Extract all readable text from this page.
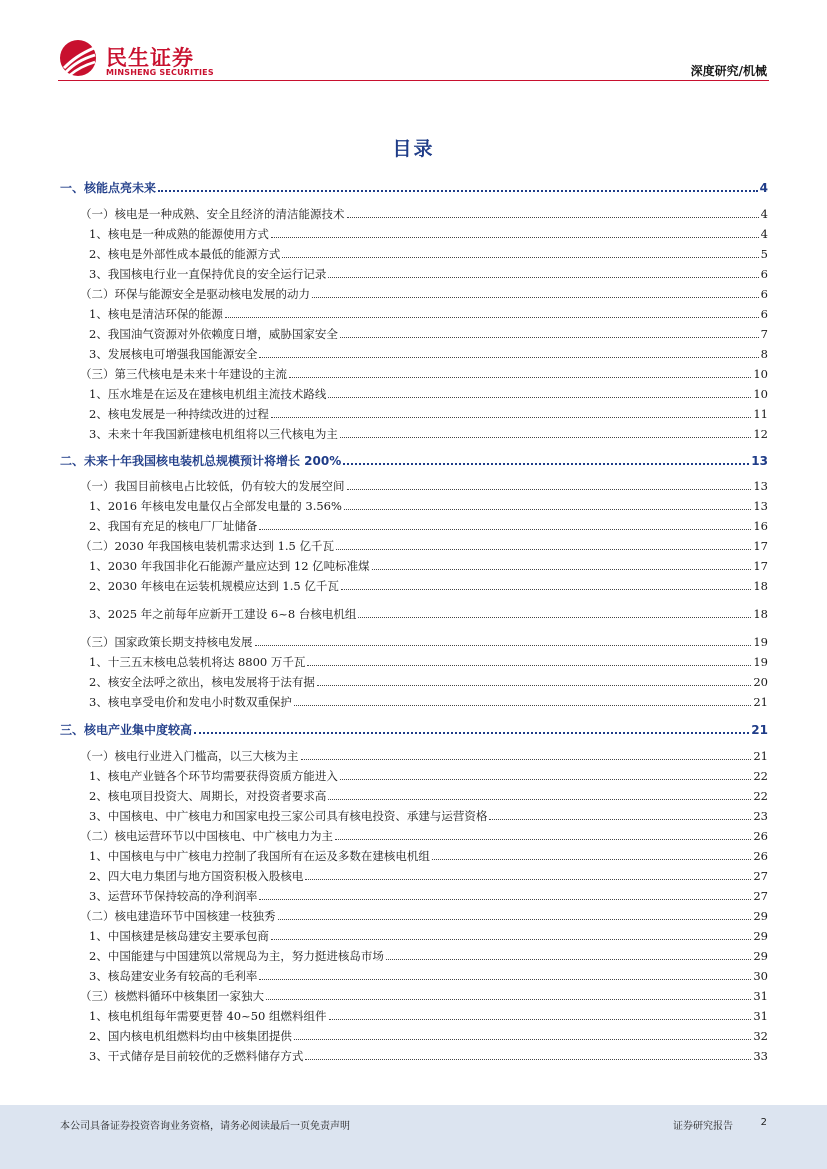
民生证券
MINSHENG SECURITIES	深度研究/机械
目录
一、核能点亮未来	4
（一）核电是一种成熟、安全且经济的清洁能源技术	4
1、核电是一种成熟的能源使用方式	4
2、核电是外部性成本最低的能源方式	5
3、我国核电行业一直保持优良的安全运行记录	6
（二）环保与能源安全是驱动核电发展的动力	6
1、核电是清洁环保的能源	6
2、我国油气资源对外依赖度日增，威胁国家安全	7
3、发展核电可增强我国能源安全	8
（三）第三代核电是未来十年建设的主流	10
1、压水堆是在运及在建核电机组主流技术路线	10
2、核电发展是一种持续改进的过程	11
3、未来十年我国新建核电机组将以三代核电为主	12
二、未来十年我国核电装机总规模预计将增长 200%	13
（一）我国目前核电占比较低，仍有较大的发展空间	13
1、2016 年核电发电量仅占全部发电量的 3.56%	13
2、我国有充足的核电厂厂址储备	16
（二）2030 年我国核电装机需求达到 1.5 亿千瓦	17
1、2030 年我国非化石能源产量应达到 12 亿吨标准煤	17
2、2030 年核电在运装机规模应达到 1.5 亿千瓦	18
3、2025 年之前每年应新开工建设 6~8 台核电机组	18
（三）国家政策长期支持核电发展	19
1、十三五末核电总装机将达 8800 万千瓦	19
2、核安全法呼之欲出，核电发展将于法有据	20
3、核电享受电价和发电小时数双重保护	21
三、核电产业集中度较高	21
（一）核电行业进入门槛高，以三大核为主	21
1、核电产业链各个环节均需要获得资质方能进入	22
2、核电项目投资大、周期长，对投资者要求高	22
3、中国核电、中广核电力和国家电投三家公司具有核电投资、承建与运营资格	23
（二）核电运营环节以中国核电、中广核电力为主	26
1、中国核电与中广核电力控制了我国所有在运及多数在建核电机组	26
2、四大电力集团与地方国资积极入股核电	27
3、运营环节保持较高的净利润率	27
（二）核电建造环节中国核建一枝独秀	29
1、中国核建是核岛建安主要承包商	29
2、中国能建与中国建筑以常规岛为主，努力挺进核岛市场	29
3、核岛建安业务有较高的毛利率	30
（三）核燃料循环中核集团一家独大	31
1、核电机组每年需要更替 40~50 组燃料组件	31
2、国内核电机组燃料均由中核集团提供	32
3、干式储存是目前较优的乏燃料储存方式	33
本公司具备证券投资咨询业务资格，请务必阅读最后一页免责声明	证券研究报告	2
